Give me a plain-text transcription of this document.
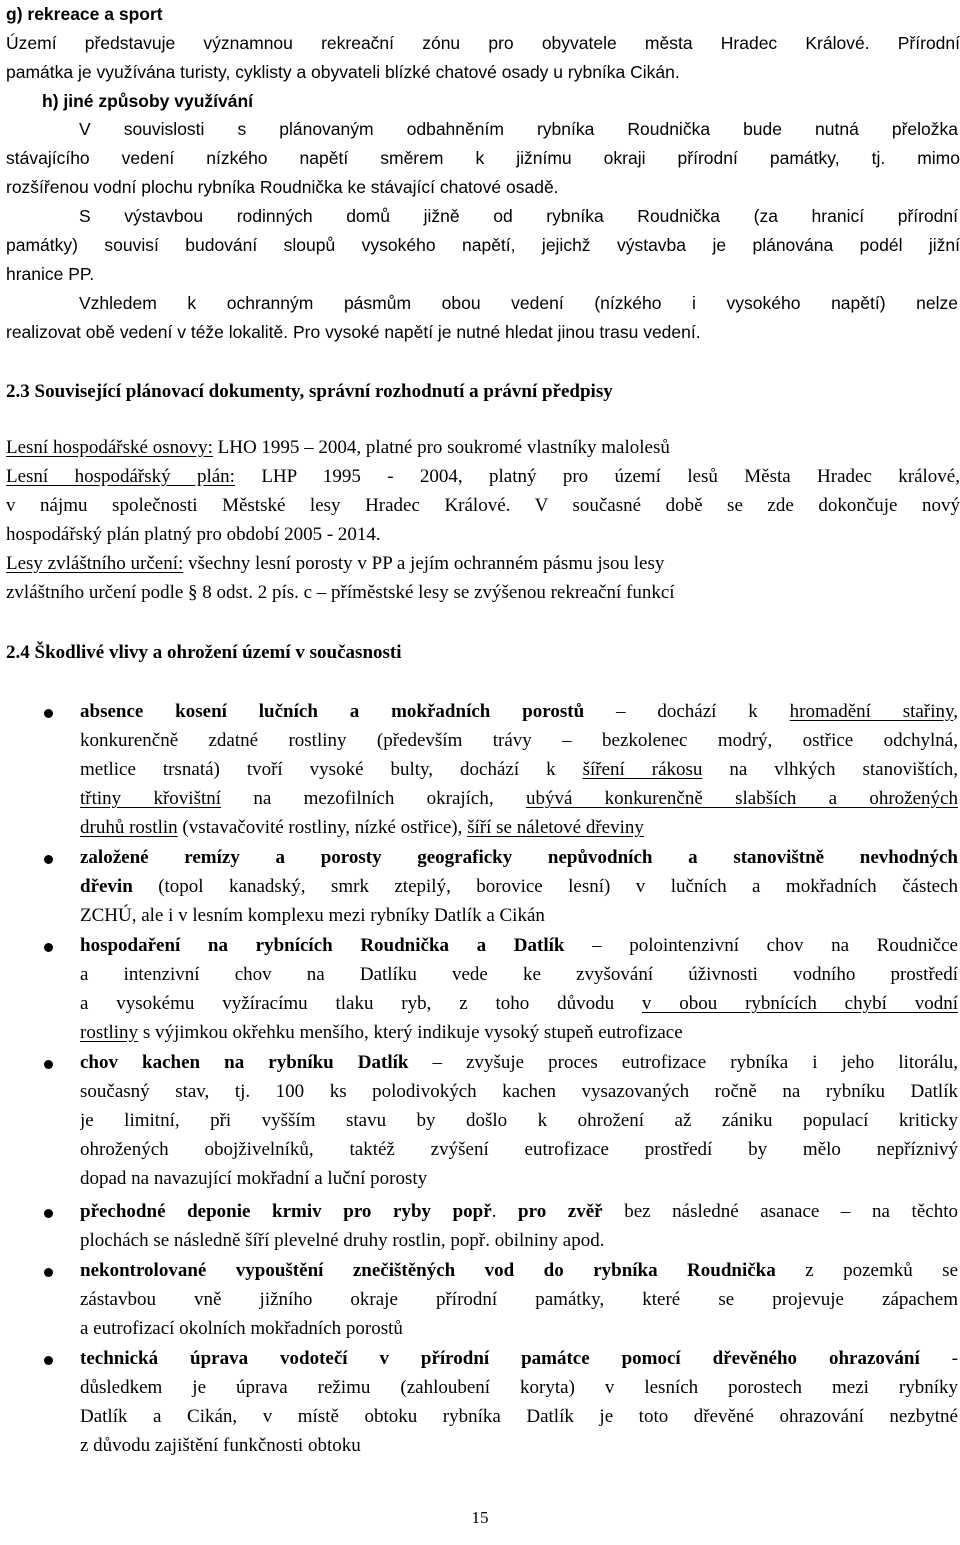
g) rekreace a sport

Území představuje významnou rekreační zónu pro obyvatele města Hradec Králové. Přírodní

památka je využívána turisty, cyklisty a obyvateli blízké chatové osady u rybníka Cikán.

h) jiné způsoby využívání

V souvislosti s plánovaným odbahněním rybníka Roudnička bude nutná přeložka

stávajícího vedení nízkého napětí směrem k jižnímu okraji přírodní památky, tj. mimo

rozšířenou vodní plochu rybníka Roudnička ke stávající chatové osadě.

S výstavbou rodinných domů jižně od rybníka Roudnička (za hranicí přírodní

památky) souvisí budování sloupů vysokého napětí, jejichž výstavba je plánována podél jižní

hranice PP.

Vzhledem k ochranným pásmům obou vedení (nízkého i vysokého napětí) nelze

realizovat obě vedení v téže lokalitě. Pro vysoké napětí je nutné hledat jinou trasu vedení.

2.3 Související plánovací dokumenty, správní rozhodnutí a právní předpisy

Lesní hospodářské osnovy: LHO 1995 – 2004, platné pro soukromé vlastníky malolesů

Lesní hospodářský plán: LHP 1995 - 2004, platný pro území lesů Města Hradec králové,

v nájmu společnosti Městské lesy Hradec Králové. V současné době se zde dokončuje nový

hospodářský plán platný pro období 2005 - 2014.

Lesy zvláštního určení: všechny lesní porosty v PP a jejím ochranném pásmu jsou lesy

zvláštního určení podle § 8 odst. 2 pís. c – příměstské lesy se zvýšenou rekreační funkcí

2.4 Škodlivé vlivy a ohrožení území v současnosti

absence kosení lučních a mokřadních porostů – dochází k hromadění stařiny,

konkurenčně zdatné rostliny (především trávy – bezkolenec modrý, ostřice odchylná,

metlice trsnatá) tvoří vysoké bulty, dochází k šíření rákosu na vlhkých stanovištích,

třtiny křovištní na mezofilních okrajích, ubývá konkurenčně slabších a ohrožených

druhů rostlin (vstavačovité rostliny, nízké ostřice), šíří se náletové dřeviny

založené remízy a porosty geograficky nepůvodních a stanovištně nevhodných

dřevin (topol kanadský, smrk ztepilý, borovice lesní) v lučních a mokřadních částech

ZCHÚ, ale i v lesním komplexu mezi rybníky Datlík a Cikán

hospodaření na rybnících Roudnička a Datlík – polointenzivní chov na Roudničce

a intenzivní chov na Datlíku vede ke zvyšování úživnosti vodního prostředí

a vysokému vyžíracímu tlaku ryb, z toho důvodu v obou rybnících chybí vodní

rostliny s výjimkou okřehku menšího, který indikuje vysoký stupeň eutrofizace

chov kachen na rybníku Datlík – zvyšuje proces eutrofizace rybníka i jeho litorálu,

současný stav, tj. 100 ks polodivokých kachen vysazovaných ročně na rybníku Datlík

je limitní, při vyšším stavu by došlo k ohrožení až zániku populací kriticky

ohrožených obojživelníků, taktéž zvýšení eutrofizace prostředí by mělo nepříznivý

dopad na navazující mokřadní a luční porosty

přechodné deponie krmiv pro ryby popř. pro zvěř bez následné asanace – na těchto

plochách se následně šíří plevelné druhy rostlin, popř. obilniny apod.

nekontrolované vypouštění znečištěných vod do rybníka Roudnička z pozemků se

zástavbou vně jižního okraje přírodní památky, které se projevuje zápachem

a eutrofizací okolních mokřadních porostů

technická úprava vodotečí v přírodní památce pomocí dřevěného ohrazování -

důsledkem je úprava režimu (zahloubení koryta) v lesních porostech mezi rybníky

Datlík a Cikán, v místě obtoku rybníka Datlík je toto dřevěné ohrazování nezbytné

z důvodu zajištění funkčnosti obtoku

15
